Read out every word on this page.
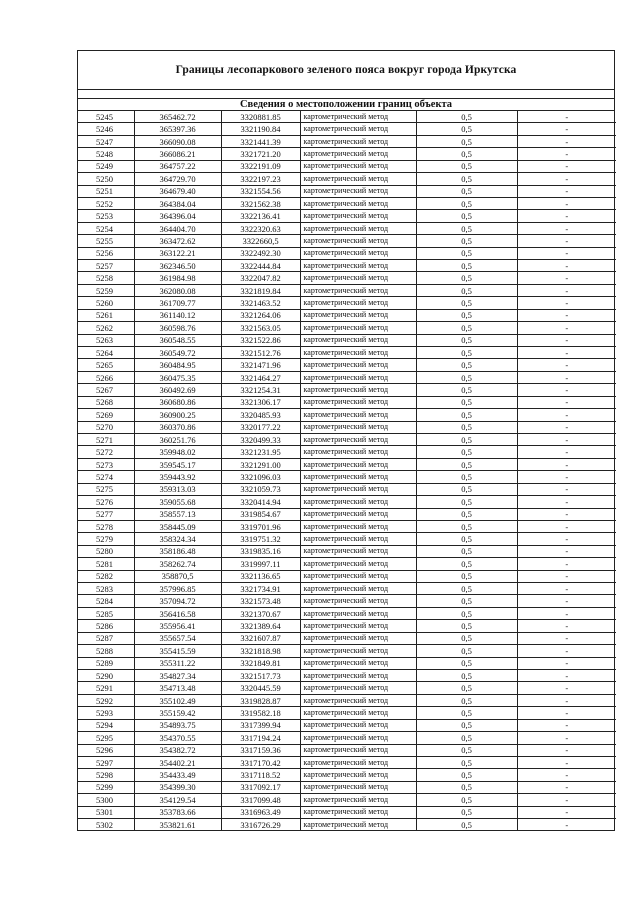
Границы лесопаркового зеленого пояса вокруг города Иркутска
Сведения о местоположении границ объекта
5245	365462.72	3320881.85	картометрический метод	0,5	-
5246	365397.36	3321190.84	картометрический метод	0,5	-
5247	366090.08	3321441.39	картометрический метод	0,5	-
5248	366086.21	3321721.20	картометрический метод	0,5	-
5249	364757.22	3322191.09	картометрический метод	0,5	-
5250	364729.70	3322197.23	картометрический метод	0,5	-
5251	364679.40	3321554.56	картометрический метод	0,5	-
5252	364384.04	3321562.38	картометрический метод	0,5	-
5253	364396.04	3322136.41	картометрический метод	0,5	-
5254	364404.70	3322320.63	картометрический метод	0,5	-
5255	363472.62	3322660,5	картометрический метод	0,5	-
5256	363122.21	3322492.30	картометрический метод	0,5	-
5257	362346.50	3322444.84	картометрический метод	0,5	-
5258	361984.98	3322047.82	картометрический метод	0,5	-
5259	362080.08	3321819.84	картометрический метод	0,5	-
5260	361709.77	3321463.52	картометрический метод	0,5	-
5261	361140.12	3321264.06	картометрический метод	0,5	-
5262	360598.76	3321563.05	картометрический метод	0,5	-
5263	360548.55	3321522.86	картометрический метод	0,5	-
5264	360549.72	3321512.76	картометрический метод	0,5	-
5265	360484.95	3321471.96	картометрический метод	0,5	-
5266	360475.35	3321464.27	картометрический метод	0,5	-
5267	360492.69	3321254.31	картометрический метод	0,5	-
5268	360680.86	3321306.17	картометрический метод	0,5	-
5269	360900.25	3320485.93	картометрический метод	0,5	-
5270	360370.86	3320177.22	картометрический метод	0,5	-
5271	360251.76	3320499.33	картометрический метод	0,5	-
5272	359948.02	3321231.95	картометрический метод	0,5	-
5273	359545.17	3321291.00	картометрический метод	0,5	-
5274	359443.92	3321096.03	картометрический метод	0,5	-
5275	359313.03	3321059.73	картометрический метод	0,5	-
5276	359055.68	3320414.94	картометрический метод	0,5	-
5277	358557.13	3319854.67	картометрический метод	0,5	-
5278	358445.09	3319701.96	картометрический метод	0,5	-
5279	358324.34	3319751.32	картометрический метод	0,5	-
5280	358186.48	3319835.16	картометрический метод	0,5	-
5281	358262.74	3319997.11	картометрический метод	0,5	-
5282	358870,5	3321136.65	картометрический метод	0,5	-
5283	357996.85	3321734.91	картометрический метод	0,5	-
5284	357094.72	3321573.48	картометрический метод	0,5	-
5285	356416.58	3321370.67	картометрический метод	0,5	-
5286	355956.41	3321389.64	картометрический метод	0,5	-
5287	355657.54	3321607.87	картометрический метод	0,5	-
5288	355415.59	3321818.98	картометрический метод	0,5	-
5289	355311.22	3321849.81	картометрический метод	0,5	-
5290	354827.34	3321517.73	картометрический метод	0,5	-
5291	354713.48	3320445.59	картометрический метод	0,5	-
5292	355102.49	3319828.87	картометрический метод	0,5	-
5293	355159.42	3319582.18	картометрический метод	0,5	-
5294	354893.75	3317399.94	картометрический метод	0,5	-
5295	354370.55	3317194.24	картометрический метод	0,5	-
5296	354382.72	3317159.36	картометрический метод	0,5	-
5297	354402.21	3317170.42	картометрический метод	0,5	-
5298	354433.49	3317118.52	картометрический метод	0,5	-
5299	354399.30	3317092.17	картометрический метод	0,5	-
5300	354129.54	3317099.48	картометрический метод	0,5	-
5301	353783.66	3316963.49	картометрический метод	0,5	-
5302	353821.61	3316726.29	картометрический метод	0,5	-
